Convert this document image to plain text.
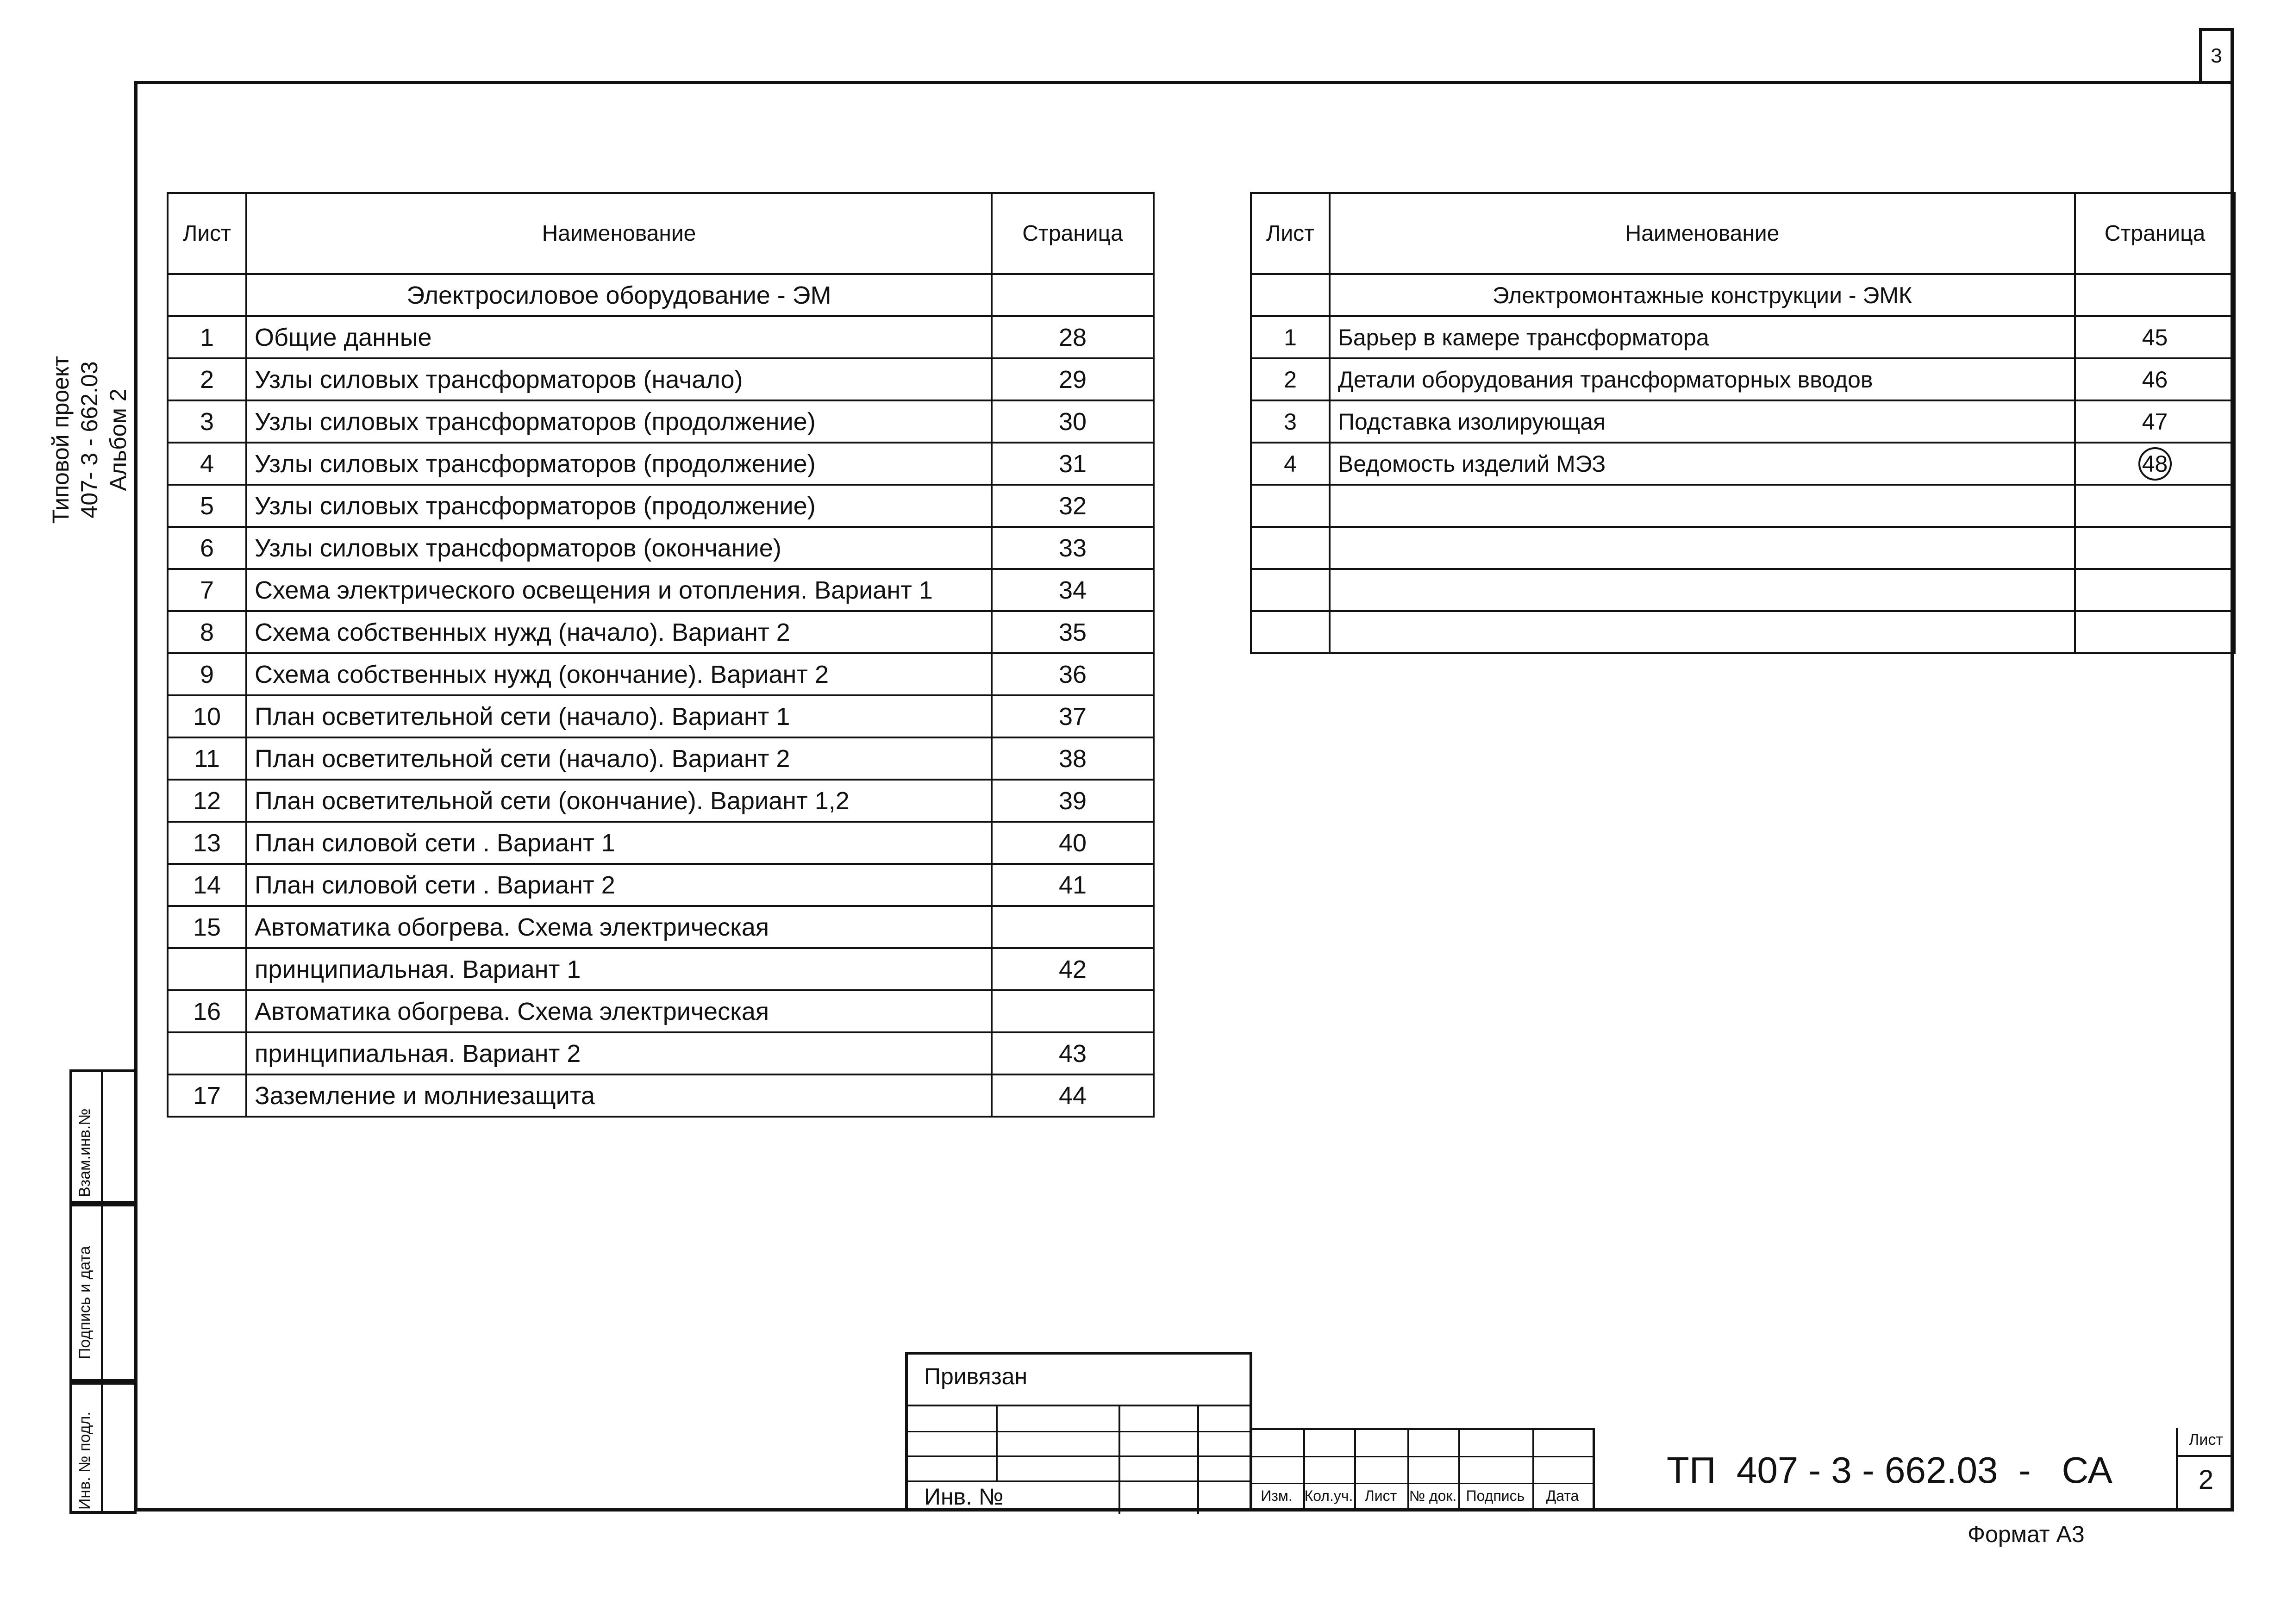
3
Типовой проект 407- 3 - 662.03 Альбом 2
Лист	Наименование	Страница
	Электросиловое оборудование - ЭМ	
1	Общие данные	28
2	Узлы силовых трансформаторов (начало)	29
3	Узлы силовых трансформаторов (продолжение)	30
4	Узлы силовых трансформаторов (продолжение)	31
5	Узлы силовых трансформаторов (продолжение)	32
6	Узлы силовых трансформаторов (окончание)	33
7	Схема электрического освещения и отопления. Вариант 1	34
8	Схема собственных нужд (начало). Вариант 2	35
9	Схема собственных нужд (окончание). Вариант 2	36
10	План осветительной сети (начало). Вариант 1	37
11	План осветительной сети (начало). Вариант 2	38
12	План осветительной сети (окончание). Вариант 1,2	39
13	План силовой сети . Вариант 1	40
14	План силовой сети . Вариант 2	41
15	Автоматика обогрева. Схема электрическая	
	принципиальная. Вариант 1	42
16	Автоматика обогрева. Схема электрическая	
	принципиальная. Вариант 2	43
17	Заземление и молниезащита	44
Лист	Наименование	Страница
	Электромонтажные конструкции - ЭМК	
1	Барьер в камере трансформатора	45
2	Детали оборудования трансформаторных вводов	46
3	Подставка изолирующая	47
4	Ведомость изделий МЭЗ	48

Взам.инв.№
Подпись и дата
Инв. № подл.
Привязан
Инв. №	Изм. Кол.уч. Лист № док. Подпись	Дата
ТП  407 - 3 - 662.03  -   СА
Лист
2
Формат А3
